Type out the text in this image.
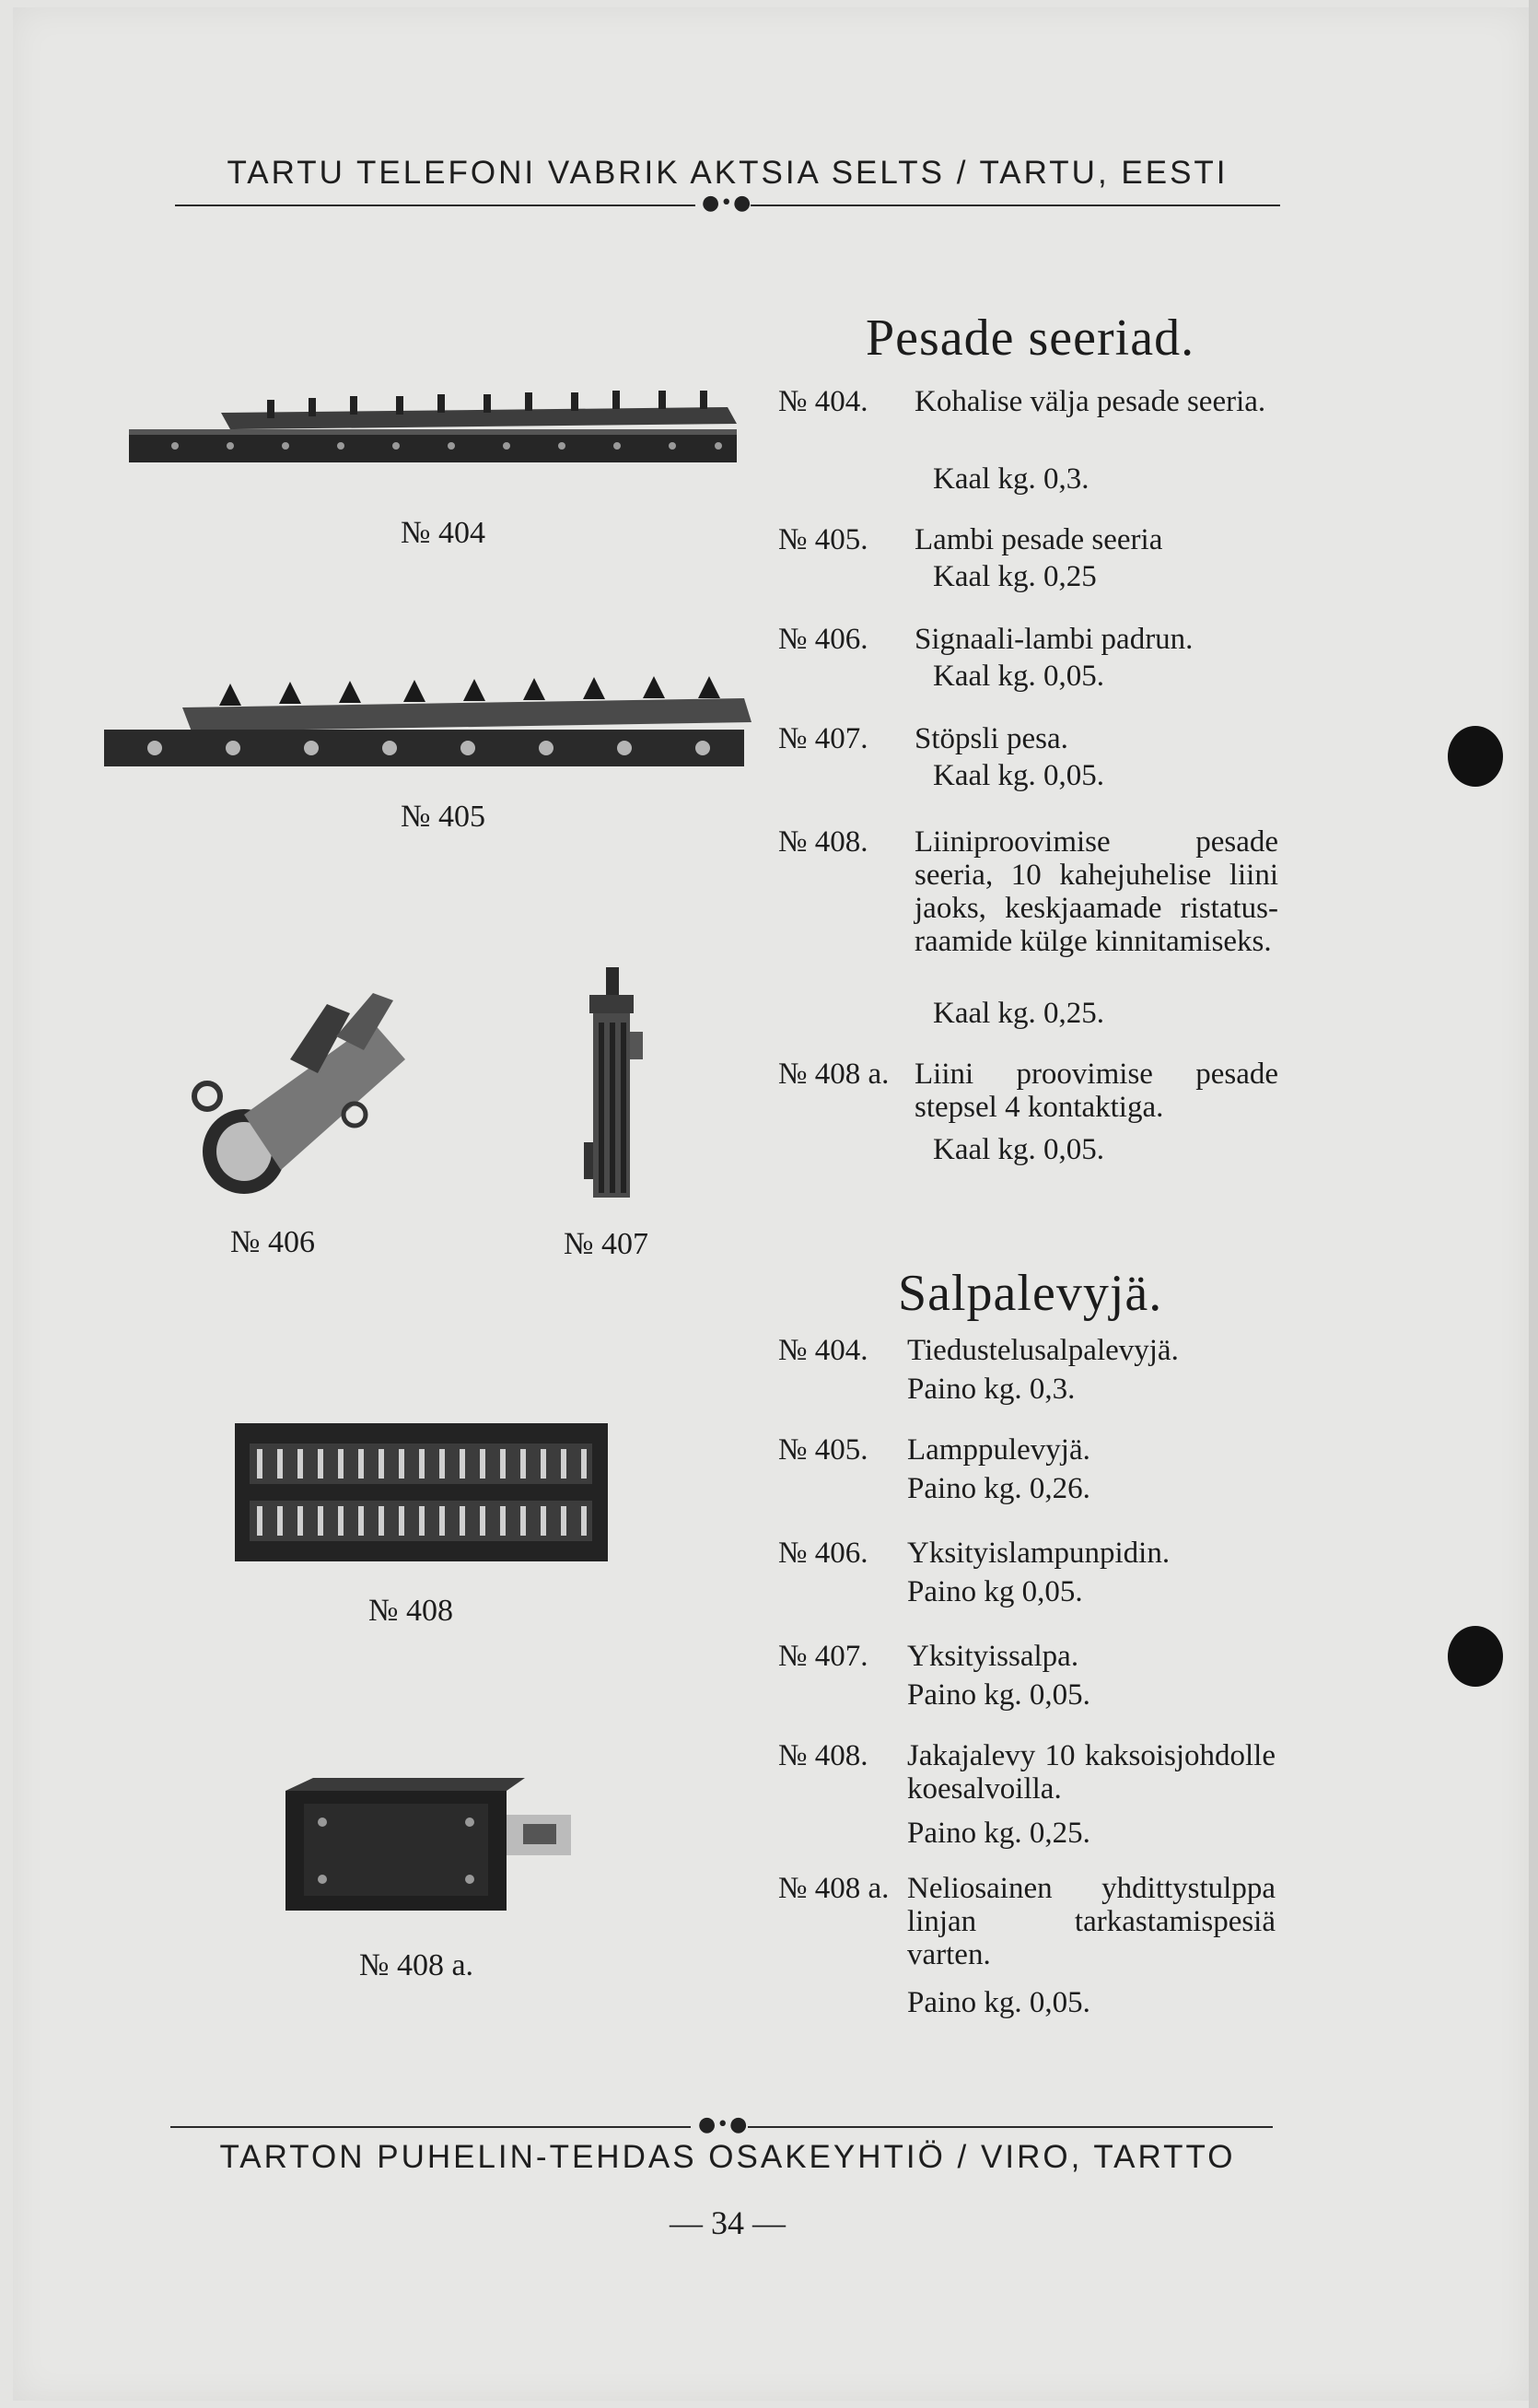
TARTU TELEFONI VABRIK AKTSIA SELTS / TARTU, EESTI
●•●
Pesade seeriad.
№ 404. Kohalise välja pesade seeria.
Kaal kg. 0,3.
№ 405. Lambi pesade seeria
Kaal kg. 0,25
№ 406. Signaali-lambi padrun.
Kaal kg. 0,05.
№ 407. Stöpsli pesa.
Kaal kg. 0,05.
№ 408. Liiniproovimise pesade seeria, 10 kahejuhelise liini jaoks, keskjaamade ristatus-raamide külge kinnitamiseks.
Kaal kg. 0,25.
№ 408 a. Liini proovimise pesade stepsel 4 kontaktiga.
Kaal kg. 0,05.
Salpalevyjä.
№ 404. Tiedustelusalpalevyjä.
Paino kg. 0,3.
№ 405. Lamppulevyjä.
Paino kg. 0,26.
№ 406. Yksityislampunpidin.
Paino kg 0,05.
№ 407. Yksityissalpa.
Paino kg. 0,05.
№ 408. Jakajalevy 10 kaksoisjohdolle koesalvoilla.
Paino kg. 0,25.
№ 408 a. Neliosainen yhdittystulppa linjan tarkastamispesiä varten.
Paino kg. 0,05.
№ 404
№ 405
№ 406	№ 407
№ 408
№ 408 a.
●•●
TARTON PUHELIN-TEHDAS OSAKEYHTIÖ / VIRO, TARTTO
— 34 —
